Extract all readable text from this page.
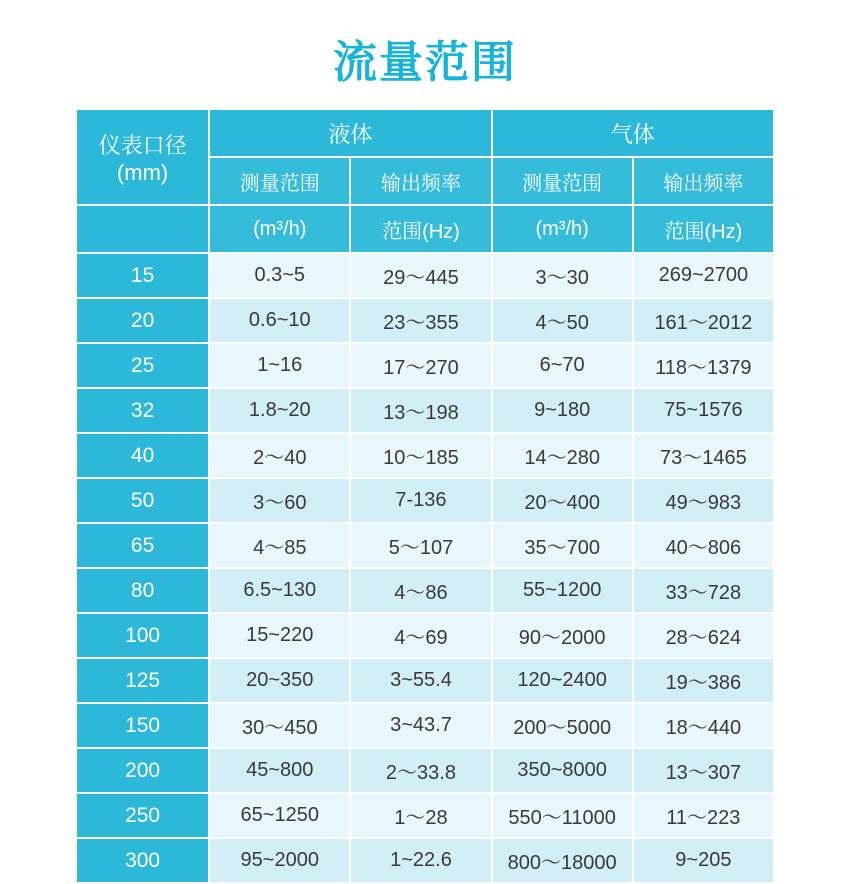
流量范围
仪表口径
(mm)	液体		气体	
	测量范围	输出频率	测量范围	输出频率
	(m³/h)	范围(Hz)	(m³/h)	范围(Hz)
15	0.3~5	29～445	3～30	269~2700
20	0.6~10	23～355	4～50	161～2012
25	1~16	17～270	6~70	118～1379
32	1.8~20	13～198	9~180	75~1576
40	2～40	10～185	14～280	73～1465
50	3～60	7-136	20～400	49～983
65	4～85	5～107	35～700	40～806
80	6.5~130	4～86	55~1200	33～728
100	15~220	4～69	90～2000	28～624
125	20~350	3~55.4	120~2400	19～386
150	30～450	3~43.7	200～5000	18～440
200	45~800	2～33.8	350~8000	13～307
250	65~1250	1～28	550～11000	11～223
300	95~2000	1~22.6	800～18000	9~205
